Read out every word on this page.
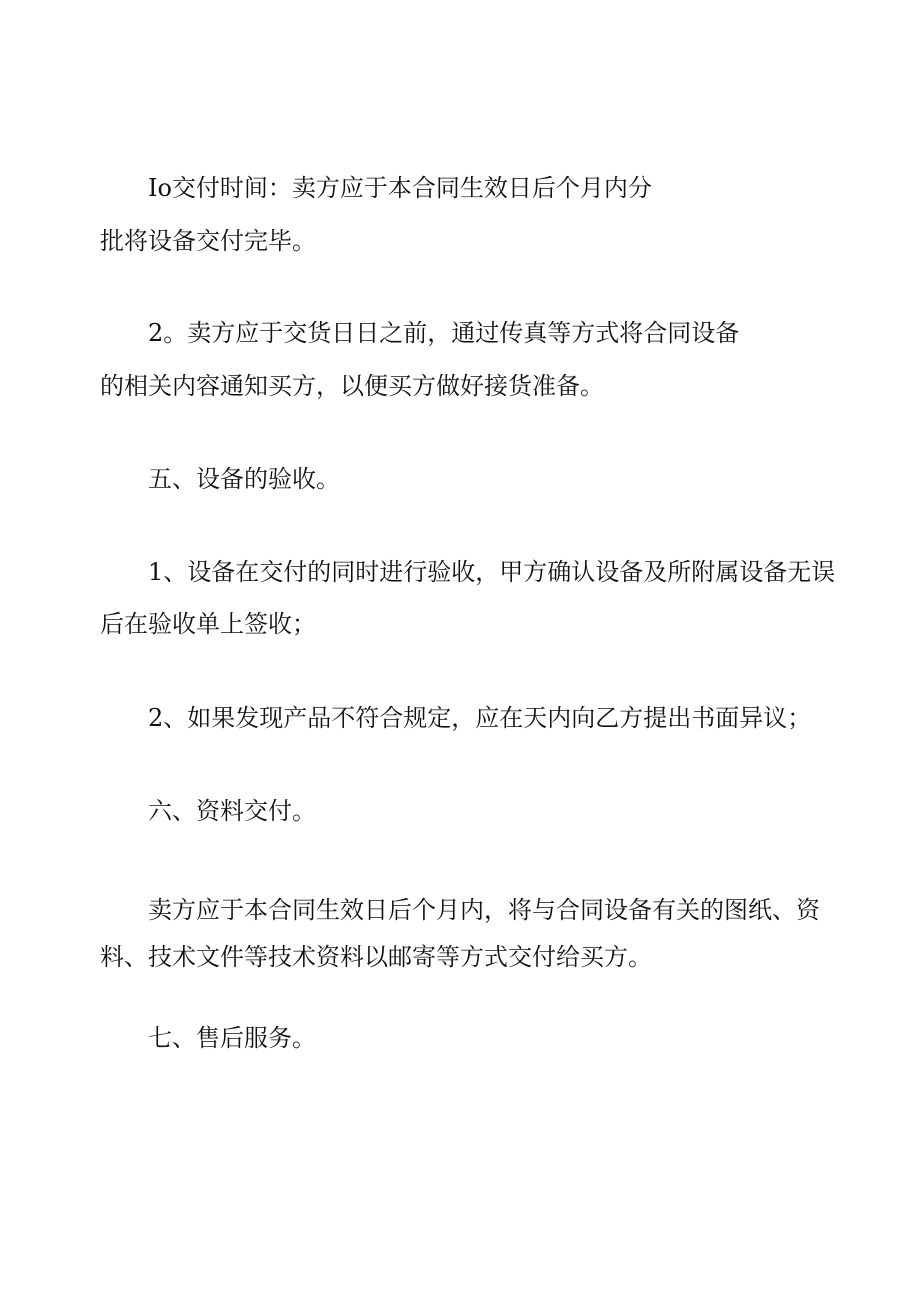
Io交付时间：卖方应于本合同生效日后个月内分
批将设备交付完毕。
2。卖方应于交货日日之前，通过传真等方式将合同设备
的相关内容通知买方，以便买方做好接货准备。
五、设备的验收。
1、设备在交付的同时进行验收，甲方确认设备及所附属设备无误
后在验收单上签收；
2、如果发现产品不符合规定，应在天内向乙方提出书面异议；
六、资料交付。
卖方应于本合同生效日后个月内，将与合同设备有关的图纸、资
料、技术文件等技术资料以邮寄等方式交付给买方。
七、售后服务。
